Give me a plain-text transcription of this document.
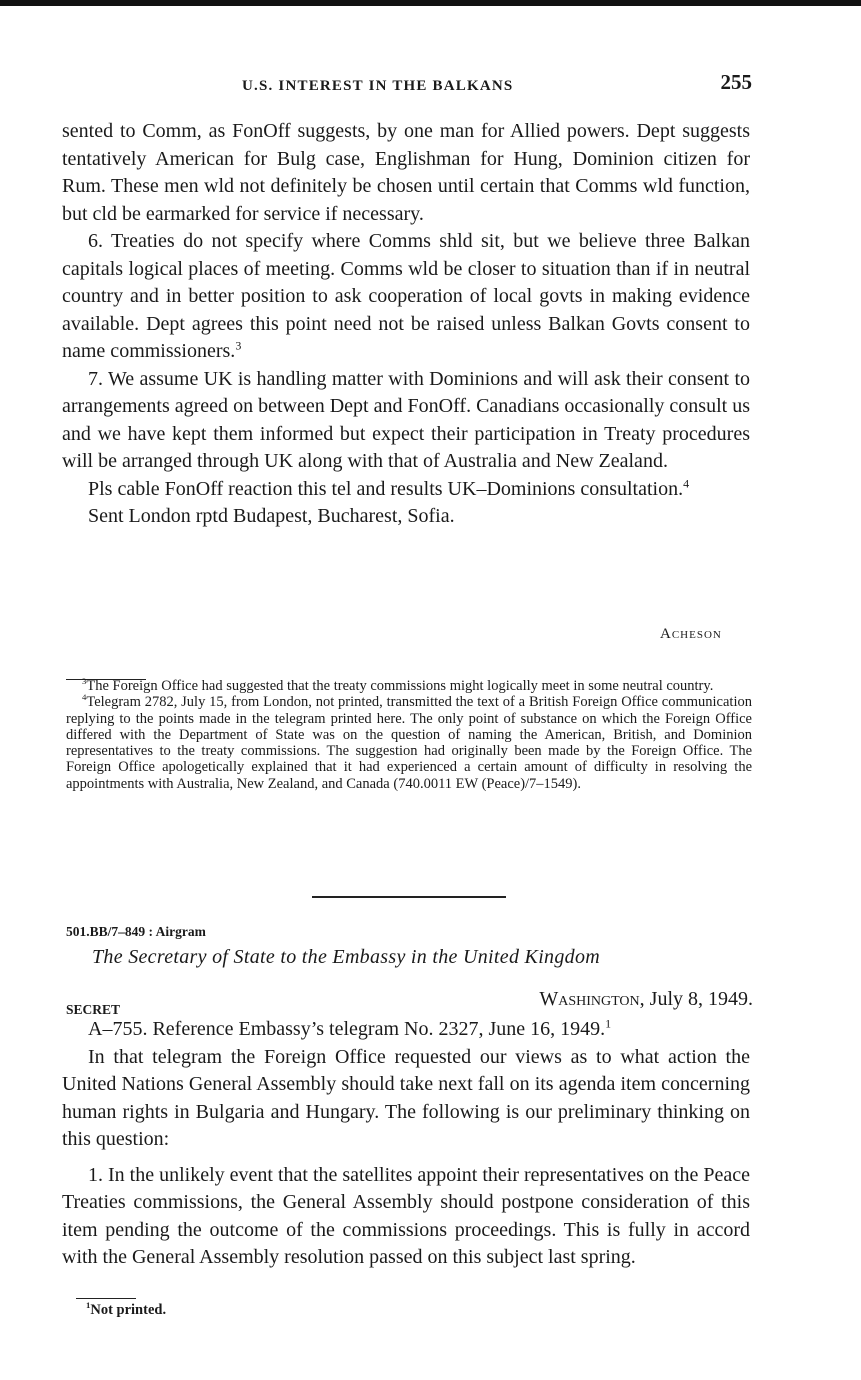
U.S. INTEREST IN THE BALKANS	255

sented to Comm, as FonOff suggests, by one man for Allied powers. Dept suggests tentatively American for Bulg case, Englishman for Hung, Dominion citizen for Rum. These men wld not definitely be chosen until certain that Comms wld function, but cld be earmarked for service if necessary.

6. Treaties do not specify where Comms shld sit, but we believe three Balkan capitals logical places of meeting. Comms wld be closer to situation than if in neutral country and in better position to ask cooperation of local govts in making evidence available. Dept agrees this point need not be raised unless Balkan Govts consent to name commissioners.$^3$

7. We assume UK is handling matter with Dominions and will ask their consent to arrangements agreed on between Dept and FonOff. Canadians occasionally consult us and we have kept them informed but expect their participation in Treaty procedures will be arranged through UK along with that of Australia and New Zealand.

Pls cable FonOff reaction this tel and results UK–Dominions consultation.$^4$

Sent London rptd Budapest, Bucharest, Sofia.

Acheson

$^3$The Foreign Office had suggested that the treaty commissions might logically meet in some neutral country.

$^4$Telegram 2782, July 15, from London, not printed, transmitted the text of a British Foreign Office communication replying to the points made in the telegram printed here. The only point of substance on which the Foreign Office differed with the Department of State was on the question of naming the American, British, and Dominion representatives to the treaty commissions. The suggestion had originally been made by the Foreign Office. The Foreign Office apologetically explained that it had experienced a certain amount of difficulty in resolving the appointments with Australia, New Zealand, and Canada (740.0011 EW (Peace)/7–1549).

501.BB/7–849 : Airgram
The Secretary of State to the Embassy in the United Kingdom
SECRET	Washington, July 8, 1949.

A–755. Reference Embassy’s telegram No. 2327, June 16, 1949.$^1$

In that telegram the Foreign Office requested our views as to what action the United Nations General Assembly should take next fall on its agenda item concerning human rights in Bulgaria and Hungary. The following is our preliminary thinking on this question:

1. In the unlikely event that the satellites appoint their representatives on the Peace Treaties commissions, the General Assembly should postpone consideration of this item pending the outcome of the commissions proceedings. This is fully in accord with the General Assembly resolution passed on this subject last spring.

$^1$Not printed.
